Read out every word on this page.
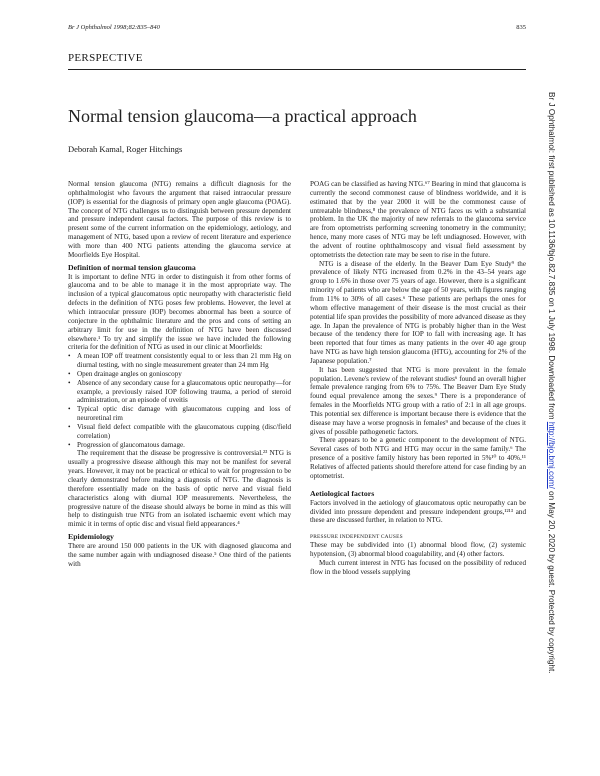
Br J Ophthalmol 1998;82:835–840	835
PERSPECTIVE
Normal tension glaucoma—a practical approach
Deborah Kamal, Roger Hitchings

Normal tension glaucoma (NTG) remains a difficult diagnosis for the ophthalmologist who favours the argument that raised intraocular pressure (IOP) is essential for the diagnosis of primary open angle glaucoma (POAG). The concept of NTG challenges us to distinguish between pressure dependent and pressure independent causal factors. The purpose of this review is to present some of the current information on the epidemiology, aetiology, and management of NTG, based upon a review of recent literature and experience with more than 400 NTG patients attending the glaucoma service at Moorfields Eye Hospital.

Definition of normal tension glaucoma

It is important to define NTG in order to distinguish it from other forms of glaucoma and to be able to manage it in the most appropriate way. The inclusion of a typical glaucomatous optic neuropathy with characteristic field defects in the definition of NTG poses few problems. However, the level at which intraocular pressure (IOP) becomes abnormal has been a source of conjecture in the ophthalmic literature and the pros and cons of setting an arbitrary limit for use in the definition of NTG have been discussed elsewhere.¹ To try and simplify the issue we have included the following criteria for the definition of NTG as used in our clinic at Moorfields:

• A mean IOP off treatment consistently equal to or less than 21 mm Hg on diurnal testing, with no single measurement greater than 24 mm Hg
• Open drainage angles on gonioscopy
• Absence of any secondary cause for a glaucomatous optic neuropathy—for example, a previously raised IOP following trauma, a period of steroid administration, or an episode of uveitis
• Typical optic disc damage with glaucomatous cupping and loss of neuroretinal rim
• Visual field defect compatible with the glaucomatous cupping (disc/field correlation)
• Progression of glaucomatous damage.

The requirement that the disease be progressive is controversial.²³ NTG is usually a progressive disease although this may not be manifest for several years. However, it may not be practical or ethical to wait for progression to be clearly demonstrated before making a diagnosis of NTG. The diagnosis is therefore essentially made on the basis of optic nerve and visual field characteristics along with diurnal IOP measurements. Nevertheless, the progressive nature of the disease should always be borne in mind as this will help to distinguish true NTG from an isolated ischaemic event which may mimic it in terms of optic disc and visual field appearances.⁴

Epidemiology

There are around 150 000 patients in the UK with diagnosed glaucoma and the same number again with undiagnosed disease.⁵ One third of the patients with

POAG can be classified as having NTG.⁶⁷ Bearing in mind that glaucoma is currently the second commonest cause of blindness worldwide, and it is estimated that by the year 2000 it will be the commonest cause of untreatable blindness,⁸ the prevalence of NTG faces us with a substantial problem. In the UK the majority of new referrals to the glaucoma service are from optometrists performing screening tonometry in the community; hence, many more cases of NTG may be left undiagnosed. However, with the advent of routine ophthalmoscopy and visual field assessment by optometrists the detection rate may be seen to rise in the future.

NTG is a disease of the elderly. In the Beaver Dam Eye Study⁹ the prevalence of likely NTG increased from 0.2% in the 43–54 years age group to 1.6% in those over 75 years of age. However, there is a significant minority of patients who are below the age of 50 years, with figures ranging from 11% to 30% of all cases.⁶ These patients are perhaps the ones for whom effective management of their disease is the most crucial as their potential life span provides the possibility of more advanced disease as they age. In Japan the prevalence of NTG is probably higher than in the West because of the tendency there for IOP to fall with increasing age. It has been reported that four times as many patients in the over 40 age group have NTG as have high tension glaucoma (HTG), accounting for 2% of the Japanese population.⁷

It has been suggested that NTG is more prevalent in the female population. Levene's review of the relevant studies⁶ found an overall higher female prevalence ranging from 6% to 75%. The Beaver Dam Eye Study found equal prevalence among the sexes.⁹ There is a preponderance of females in the Moorfields NTG group with a ratio of 2:1 in all age groups. This potential sex difference is important because there is evidence that the disease may have a worse prognosis in females⁹ and because of the clues it gives of possible pathogenetic factors.

There appears to be a genetic component to the development of NTG. Several cases of both NTG and HTG may occur in the same family.⁶ The presence of a positive family history has been reported in 5%¹⁰ to 40%.¹¹ Relatives of affected patients should therefore attend for case finding by an optometrist.

Aetiological factors

Factors involved in the aetiology of glaucomatous optic neuropathy can be divided into pressure dependent and pressure independent groups,¹²¹³ and these are discussed further, in relation to NTG.

PRESSURE INDEPENDENT CAUSES

These may be subdivided into (1) abnormal blood flow, (2) systemic hypotension, (3) abnormal blood coagulability, and (4) other factors.

Much current interest in NTG has focused on the possibility of reduced flow in the blood vessels supplying

Br J Ophthalmol: first published as 10.1136/bjo.82.7.835 on 1 July 1998. Downloaded from http://bjo.bmj.com/ on May 20, 2020 by guest. Protected by copyright.
